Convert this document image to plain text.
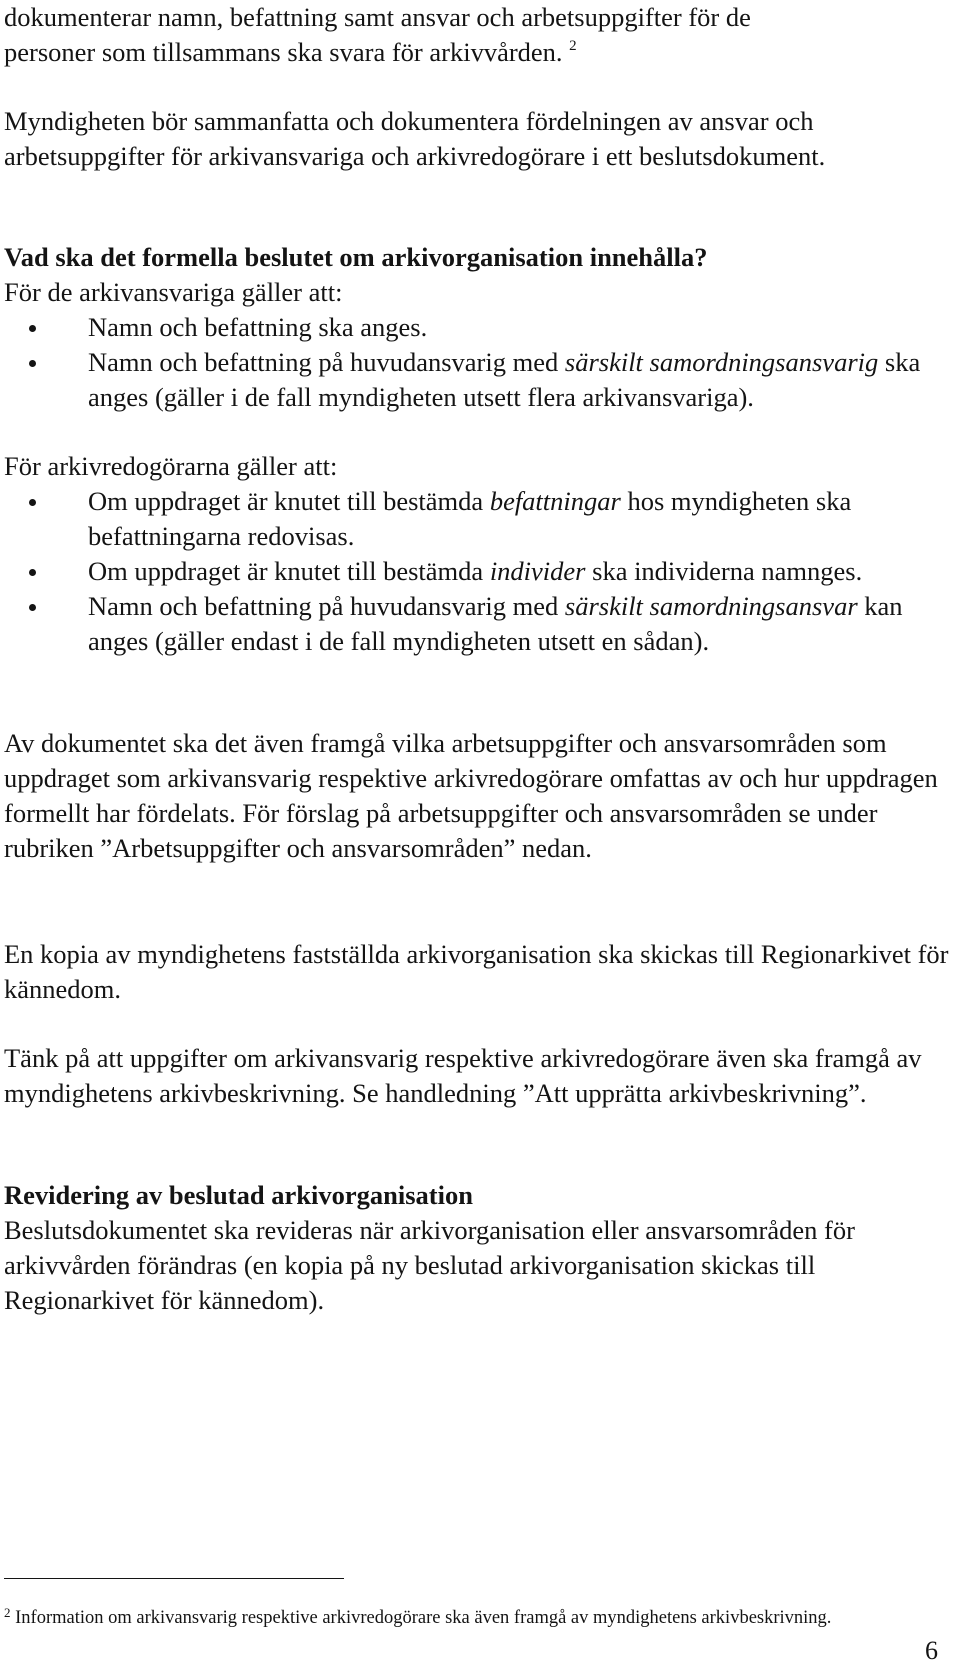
dokumenterar namn, befattning samt ansvar och arbetsuppgifter för de
personer som tillsammans ska svara för arkivvården. $^2$

Myndigheten bör sammanfatta och dokumentera fördelningen av ansvar och arbetsuppgifter för arkivansvariga och arkivredogörare i ett beslutsdokument.

Vad ska det formella beslutet om arkivorganisation innehålla?
För de arkivansvariga gäller att:
Namn och befattning ska anges.
Namn och befattning på huvudansvarig med särskilt samordningsansvarig ska anges (gäller i de fall myndigheten utsett flera arkivansvariga).
För arkivredogörarna gäller att:
Om uppdraget är knutet till bestämda befattningar hos myndigheten ska befattningarna redovisas.
Om uppdraget är knutet till bestämda individer ska individerna namnges.
Namn och befattning på huvudansvarig med särskilt samordningsansvar kan anges (gäller endast i de fall myndigheten utsett en sådan).

Av dokumentet ska det även framgå vilka arbetsuppgifter och ansvarsområden som uppdraget som arkivansvarig respektive arkivredogörare omfattas av och hur uppdragen formellt har fördelats. För förslag på arbetsuppgifter och ansvarsområden se under rubriken ”Arbetsuppgifter och ansvarsområden” nedan.

En kopia av myndighetens fastställda arkivorganisation ska skickas till Regionarkivet för kännedom.

Tänk på att uppgifter om arkivansvarig respektive arkivredogörare även ska framgå av myndighetens arkivbeskrivning. Se handledning ”Att upprätta arkivbeskrivning”.

Revidering av beslutad arkivorganisation
Beslutsdokumentet ska revideras när arkivorganisation eller ansvarsområden för arkivvården förändras (en kopia på ny beslutad arkivorganisation skickas till Regionarkivet för kännedom).
$^2$ Information om arkivansvarig respektive arkivredogörare ska även framgå av myndighetens arkivbeskrivning.
6
